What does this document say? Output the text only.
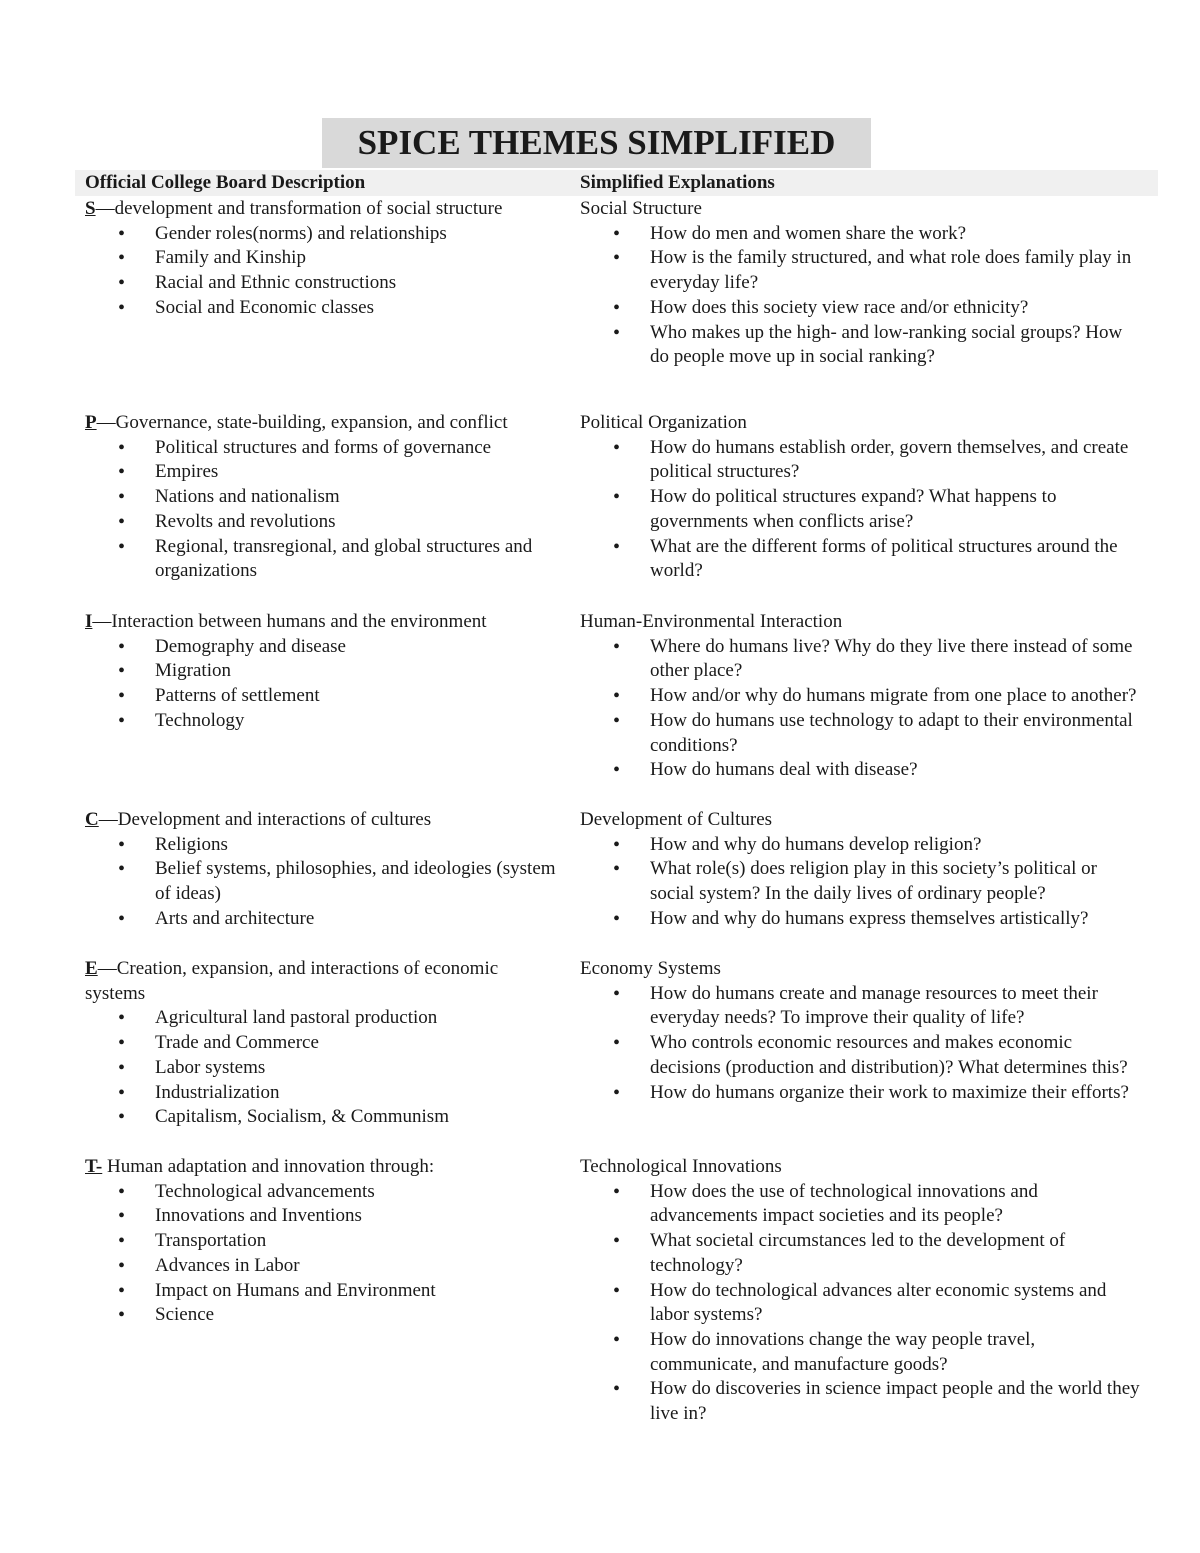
SPICE THEMES SIMPLIFIED
Official College Board Description	Simplified Explanations
S—development and transformation of social structure
• Gender roles(norms) and relationships
• Family and Kinship
• Racial and Ethnic constructions
• Social and Economic classes
P—Governance, state-building, expansion, and conflict
• Political structures and forms of governance
• Empires
• Nations and nationalism
• Revolts and revolutions
• Regional, transregional, and global structures and organizations
I—Interaction between humans and the environment
• Demography and disease
• Migration
• Patterns of settlement
• Technology
C—Development and interactions of cultures
• Religions
• Belief systems, philosophies, and ideologies (system of ideas)
• Arts and architecture
E—Creation, expansion, and interactions of economic systems
• Agricultural land pastoral production
• Trade and Commerce
• Labor systems
• Industrialization
• Capitalism, Socialism, & Communism
T- Human adaptation and innovation through:
• Technological advancements
• Innovations and Inventions
• Transportation
• Advances in Labor
• Impact on Humans and Environment
• Science
Social Structure
• How do men and women share the work?
• How is the family structured, and what role does family play in everyday life?
• How does this society view race and/or ethnicity?
• Who makes up the high- and low-ranking social groups? How do people move up in social ranking?
Political Organization
• How do humans establish order, govern themselves, and create political structures?
• How do political structures expand? What happens to governments when conflicts arise?
• What are the different forms of political structures around the world?
Human-Environmental Interaction
• Where do humans live? Why do they live there instead of some other place?
• How and/or why do humans migrate from one place to another?
• How do humans use technology to adapt to their environmental conditions?
• How do humans deal with disease?
Development of Cultures
• How and why do humans develop religion?
• What role(s) does religion play in this society’s political or social system? In the daily lives of ordinary people?
• How and why do humans express themselves artistically?
Economy Systems
• How do humans create and manage resources to meet their everyday needs? To improve their quality of life?
• Who controls economic resources and makes economic decisions (production and distribution)? What determines this?
• How do humans organize their work to maximize their efforts?
Technological Innovations
• How does the use of technological innovations and advancements impact societies and its people?
• What societal circumstances led to the development of technology?
• How do technological advances alter economic systems and labor systems?
• How do innovations change the way people travel, communicate, and manufacture goods?
• How do discoveries in science impact people and the world they live in?
